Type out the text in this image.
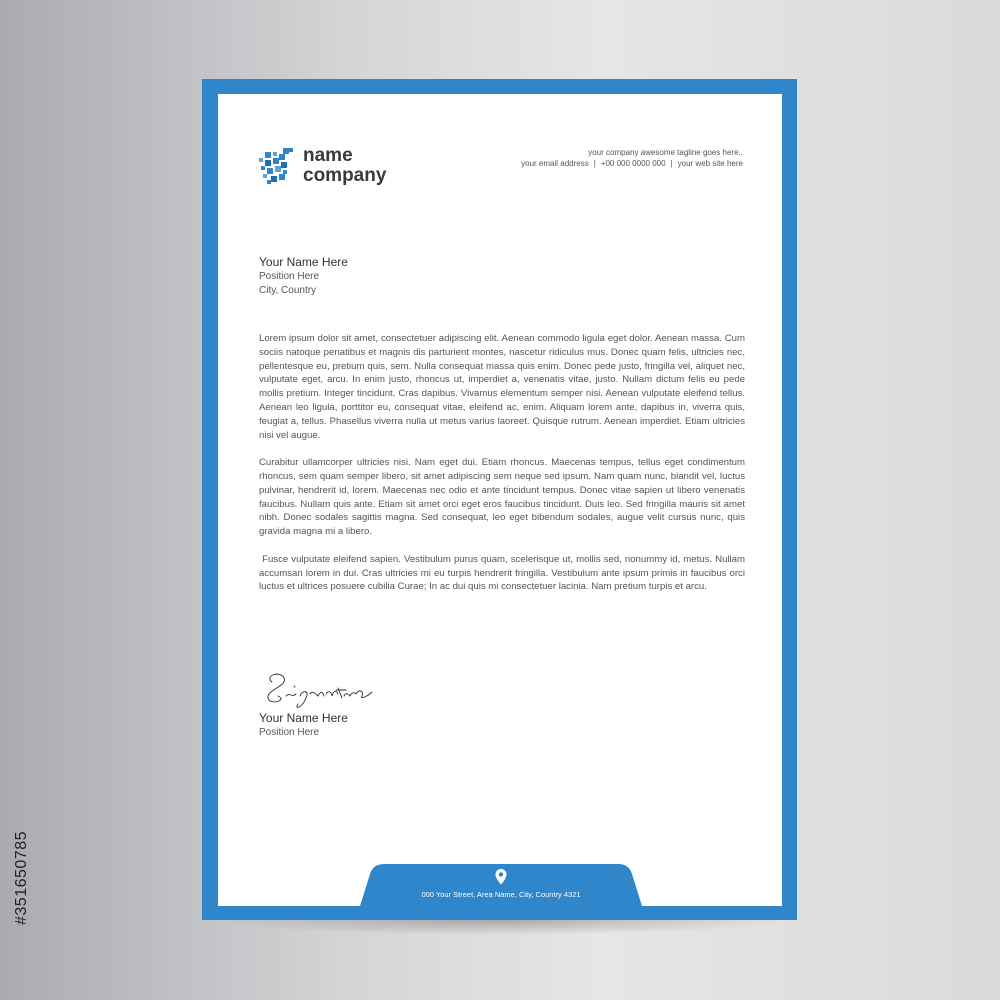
#351650785
name
company
your company awesome tagline goes here..
your email address | +00 000 0000 000 | your web site here
Your Name Here
Position Here
City, Country

Lorem ipsum dolor sit amet, consectetuer adipiscing elit. Aenean commodo ligula eget dolor. Aenean massa. Cum sociis natoque penatibus et magnis dis parturient montes, nascetur ridiculus mus. Donec quam felis, ultricies nec, pellentesque eu, pretium quis, sem. Nulla consequat massa quis enim. Donec pede justo, fringilla vel, aliquet nec, vulputate eget, arcu. In enim justo, rhoncus ut, imperdiet a, venenatis vitae, justo. Nullam dictum felis eu pede mollis pretium. Integer tincidunt. Cras dapibus. Vivamus elementum semper nisi. Aenean vulputate eleifend tellus. Aenean leo ligula, porttitor eu, consequat vitae, eleifend ac, enim. Aliquam lorem ante, dapibus in, viverra quis, feugiat a, tellus. Phasellus viverra nulla ut metus varius laoreet. Quisque rutrum. Aenean imperdiet. Etiam ultricies nisi vel augue.

Curabitur ullamcorper ultricies nisi. Nam eget dui. Etiam rhoncus. Maecenas tempus, tellus eget condimentum rhoncus, sem quam semper libero, sit amet adipiscing sem neque sed ipsum. Nam quam nunc, blandit vel, luctus pulvinar, hendrerit id, lorem. Maecenas nec odio et ante tincidunt tempus. Donec vitae sapien ut libero venenatis faucibus. Nullam quis ante. Etiam sit amet orci eget eros faucibus tincidunt. Duis leo. Sed fringilla mauris sit amet nibh. Donec sodales sagittis magna. Sed consequat, leo eget bibendum sodales, augue velit cursus nunc, quis gravida magna mi a libero.

Fusce vulputate eleifend sapien. Vestibulum purus quam, scelerisque ut, mollis sed, nonummy id, metus. Nullam accumsan lorem in dui. Cras ultricies mi eu turpis hendrerit fringilla. Vestibulum ante ipsum primis in faucibus orci luctus et ultrices posuere cubilia Curae; In ac dui quis mi consectetuer lacinia. Nam pretium turpis et arcu.

Your Name Here
Position Here
000 Your Street, Area Name, City, Country 4321
